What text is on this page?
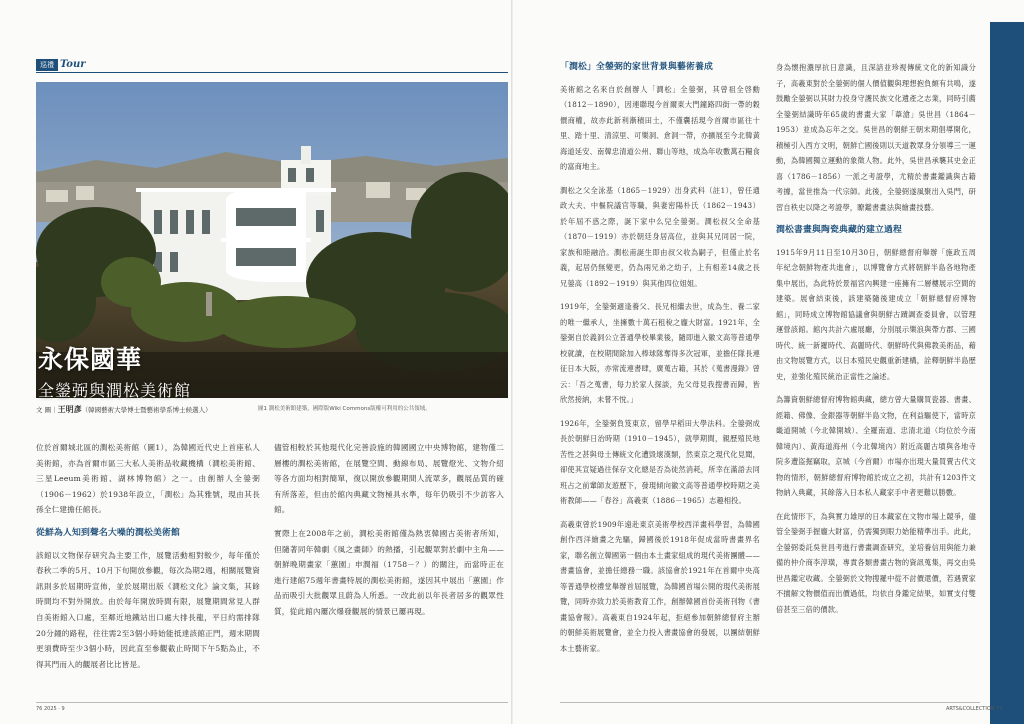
巡禮 Tour
永保國華
全鎣弼與澗松美術館
文 圖｜王明彥（韓國藝術大學博士暨藝術學系博士候選人）	圖1 澗松美術館建築，國際版Wiki Commons版權可利用的公共領域。

位於首爾城北區的澗松美術館（圖1），為韓國近代史上首座私人美術館，亦為首爾市區三大私人美術品收藏機構（澗松美術館、三星Leeum美術館、湖林博物館）之一。由創辦人全鎣弼（1906－1962）於1938年設立，「澗松」為其雅號，現由其長孫全仁建擔任館長。

從鮮為人知到聲名大噪的澗松美術館

該館以文物保存研究為主要工作，展覽活動相對較少，每年僅於春秋二季的5月、10月下旬開放參觀，每次為期2週，相關展覽資訊則多於屆期時宣佈，並於展期出版《澗松文化》論文集，其餘時間均不對外開放。由於每年開放時間有限，展覽期間常見人群自美術館入口處，至鄰近地鐵站出口處大排長龍，平日約需排隊20分鐘的路程，往往需2至3個小時始能抵達該館正門，週末期間更須費時至少3個小時，因此直至參觀截止時間下午5點為止，不得其門而入的觀展者比比皆是。

儘管相較於其他現代化完善設施的韓國國立中央博物館，建物僅二層樓的澗松美術館，在展覽空間、動線布局、展覽燈光、文物介紹等各方面均相對簡單，復以開放參觀期間人流眾多，觀展品質的確有所落差，但由於館內典藏文物極具水準，每年仍吸引不少訪客入館。

實際上在2008年之前，澗松美術館僅為熱衷韓國古美術者所知，但隨著同年韓劇《風之畫師》的熱播，引起觀眾對於劇中主角——朝鮮晚期畫家「蕙園」申潤福（1758－？）的關注，而當時正在進行建館75週年書畫特展的澗松美術館，遂因其中展出「蕙園」作品而吸引大批觀眾且蔚為人所悉。一改此前以年長者居多的觀眾性質，從此館內屢次爆發觀展的情景已屢再現。

「澗松」全鎣弼的家世背景與藝術養成

美術館之名來自於創辦人「澗松」全鎣弼，其曾祖全啓勳（1812－1890），因連聯現今首爾東大門鐘路四街一帶的穀價商權，故亦此新利漸積田土，不僅囊括現今首爾市區往十里、踏十里、清涼里、可樂洞、倉洞一帶，亦擴展至今北韓黃海道延安、南韓忠清道公州、聯山等地，成為年收數萬石糧食的富商地主。

澗松之父全泳基（1865－1929）出身武科（註1），曾任通政大夫、中樞院議官等職，與妻密陽朴氏（1862－1943）於年屆不惑之際，誕下家中么兒全鎣弼。澗松叔父全命基（1870－1919）亦於朝廷身居高位，並與其兄同居一院，家族和睦融洽。澗松甫誕生即由叔父收為嗣子，但僅止於名義，起居仍無變更，仍為兩兄弟之幼子，上有相差14歲之長兄鎣高（1892－1919）與其他四位姐姐。

1919年，全鎣弼適逢養父、長兄相繼去世，成為生、養二家的唯一繼承人，坐擁數十萬石租稅之龐大財富。1921年，全鎣弼自於義洞公立普通學校畢業後，隨即進入徽文高等普通學校就讀，在校期間除加入棒球隊奪得多次冠軍，並擔任隊長連征日本大阪，亦常流連書肆，廣蒐古籍，其於《蒐書漫錄》曾云：「吾之蒐書，每力於家人探談，先父母見我搜書而歸，皆欣然接納，未嘗不悅。」

1926年，全鎣弼負笈東京，留學早稻田大學法科。全鎣弼成長於朝鮮日治時期（1910－1945），就學期間，親歷殖民地苦性之甚與母土傳統文化遭毀壞漢類，然東京之現代化見聞，卻使其宣疑過往保存文化總是否為徒然消耗，所幸在滿語去同班占之前輩師友遊歷下，發現傾向徽文高等普通學校時期之美術教師——「春谷」高羲東（1886－1965）志趣相投。

高羲東曾於1909年遠赴東京美術學校西洋畫科學習，為韓國創作西洋繪畫之先驅，歸國後於1918年促成當時書畫界名家，聯名創立韓國第一個由本土畫家組成的現代美術團體——書畫協會，並擔任總務一職。該協會於1921年在首爾中央高等普通學校禮堂舉辦首屆展覽，為韓國首場公開的現代美術展覽，同時亦致力於美術教育工作，創辦韓國首份美術刊物《書畫協會報》。高羲東自1924年起，拒絕參加朝鮮總督府主辦的朝鮮美術展覽會，並全力投入書畫協會的發展，以團結朝鮮本土藝術家。

身為懷抱濃厚抗日意識，且深諳並珍視傳統文化的新知識分子，高羲東對於全鎣弼的個人價值觀與理想抱負頗有共鳴，遂鼓勵全鎣弼以其財力投身守護民族文化遺產之志業，同時引薦全鎣弼結識時年65歲的書畫大家「葦滄」吳世昌（1864－1953）並成為忘年之交。吳世昌的朝鮮王朝末期倡導開化，積極引入西方文明，朝鮮亡國後則以天道教眾身分領導三一運動，為韓國獨立運動的象徵人物。此外，吳世昌承襲其史金正喜（1786－1856）一派之考證學，尤精於書畫鑑識與古籍考據，當世推為一代宗師。此後，全鎣弼遂風聚出入吳門，研習自秩史以降之考證學，瞭鑑書畫法與繪畫技藝。

澗松書畫與陶瓷典藏的建立過程

1915年9月11日至10月30日，朝鮮總督府舉辦「施政五周年紀念朝鮮物產共進會」，以博覽會方式將朝鮮半島各地物產集中展出，為此特於景福宮內興建一座擁有二層樓展示空間的建築。展會結束後，該建築隨後建成立「朝鮮總督府博物館」，同時成立博物館協議會與朝鮮古蹟調查委員會，以管理運營該館。館內共計六處展廳，分別展示樂浪與帶方郡、三國時代、統一新羅時代、高麗時代、朝鮮時代與佛教美術品，藉由文物展覽方式，以日本殖民史觀重新建構，詮釋朝鮮半島歷史，並強化殖民統治正當性之論述。

為籌資朝鮮總督府博物館典藏，總方曾大量購買瓷器、書畫、經籍、佛像、金銀器等朝鮮半島文物，在利益驅使下，當時京畿道開城（今北韓開城）、全羅南道、忠清北道（均位於今南韓境內）、黃海道海州（今北韓境內）附近高麗古墳與各地寺院多遭盜掘竊取，京城（今首爾）市場亦出現大量買賣古代文物的情形，朝鮮總督府博物館於成立之初，共計有1203件文物納入典藏，其餘落入日本私人藏家手中者更難以勝數。

在此情形下，為與實力雄厚的日本藏家在文物市場上競爭，儘管全鎣弼手握龐大財富，仍需獨到眼力始能精準出手。此此，全鎣弼委託吳世昌考進行書畫調查研究，並培養信用與能力兼備的仲介商李淳璜，專責各類書畫古物的資訊蒐集，再交由吳世昌鑑定收藏。全鎣弼於文物搜羅中從不討價還價，若遇賣家不擅解文物價值而出價過低，均依自身鑑定結果，如實支付雙倍甚至三倍的價款。

76 2025 · 9	ARTS&COLLECTION 77
